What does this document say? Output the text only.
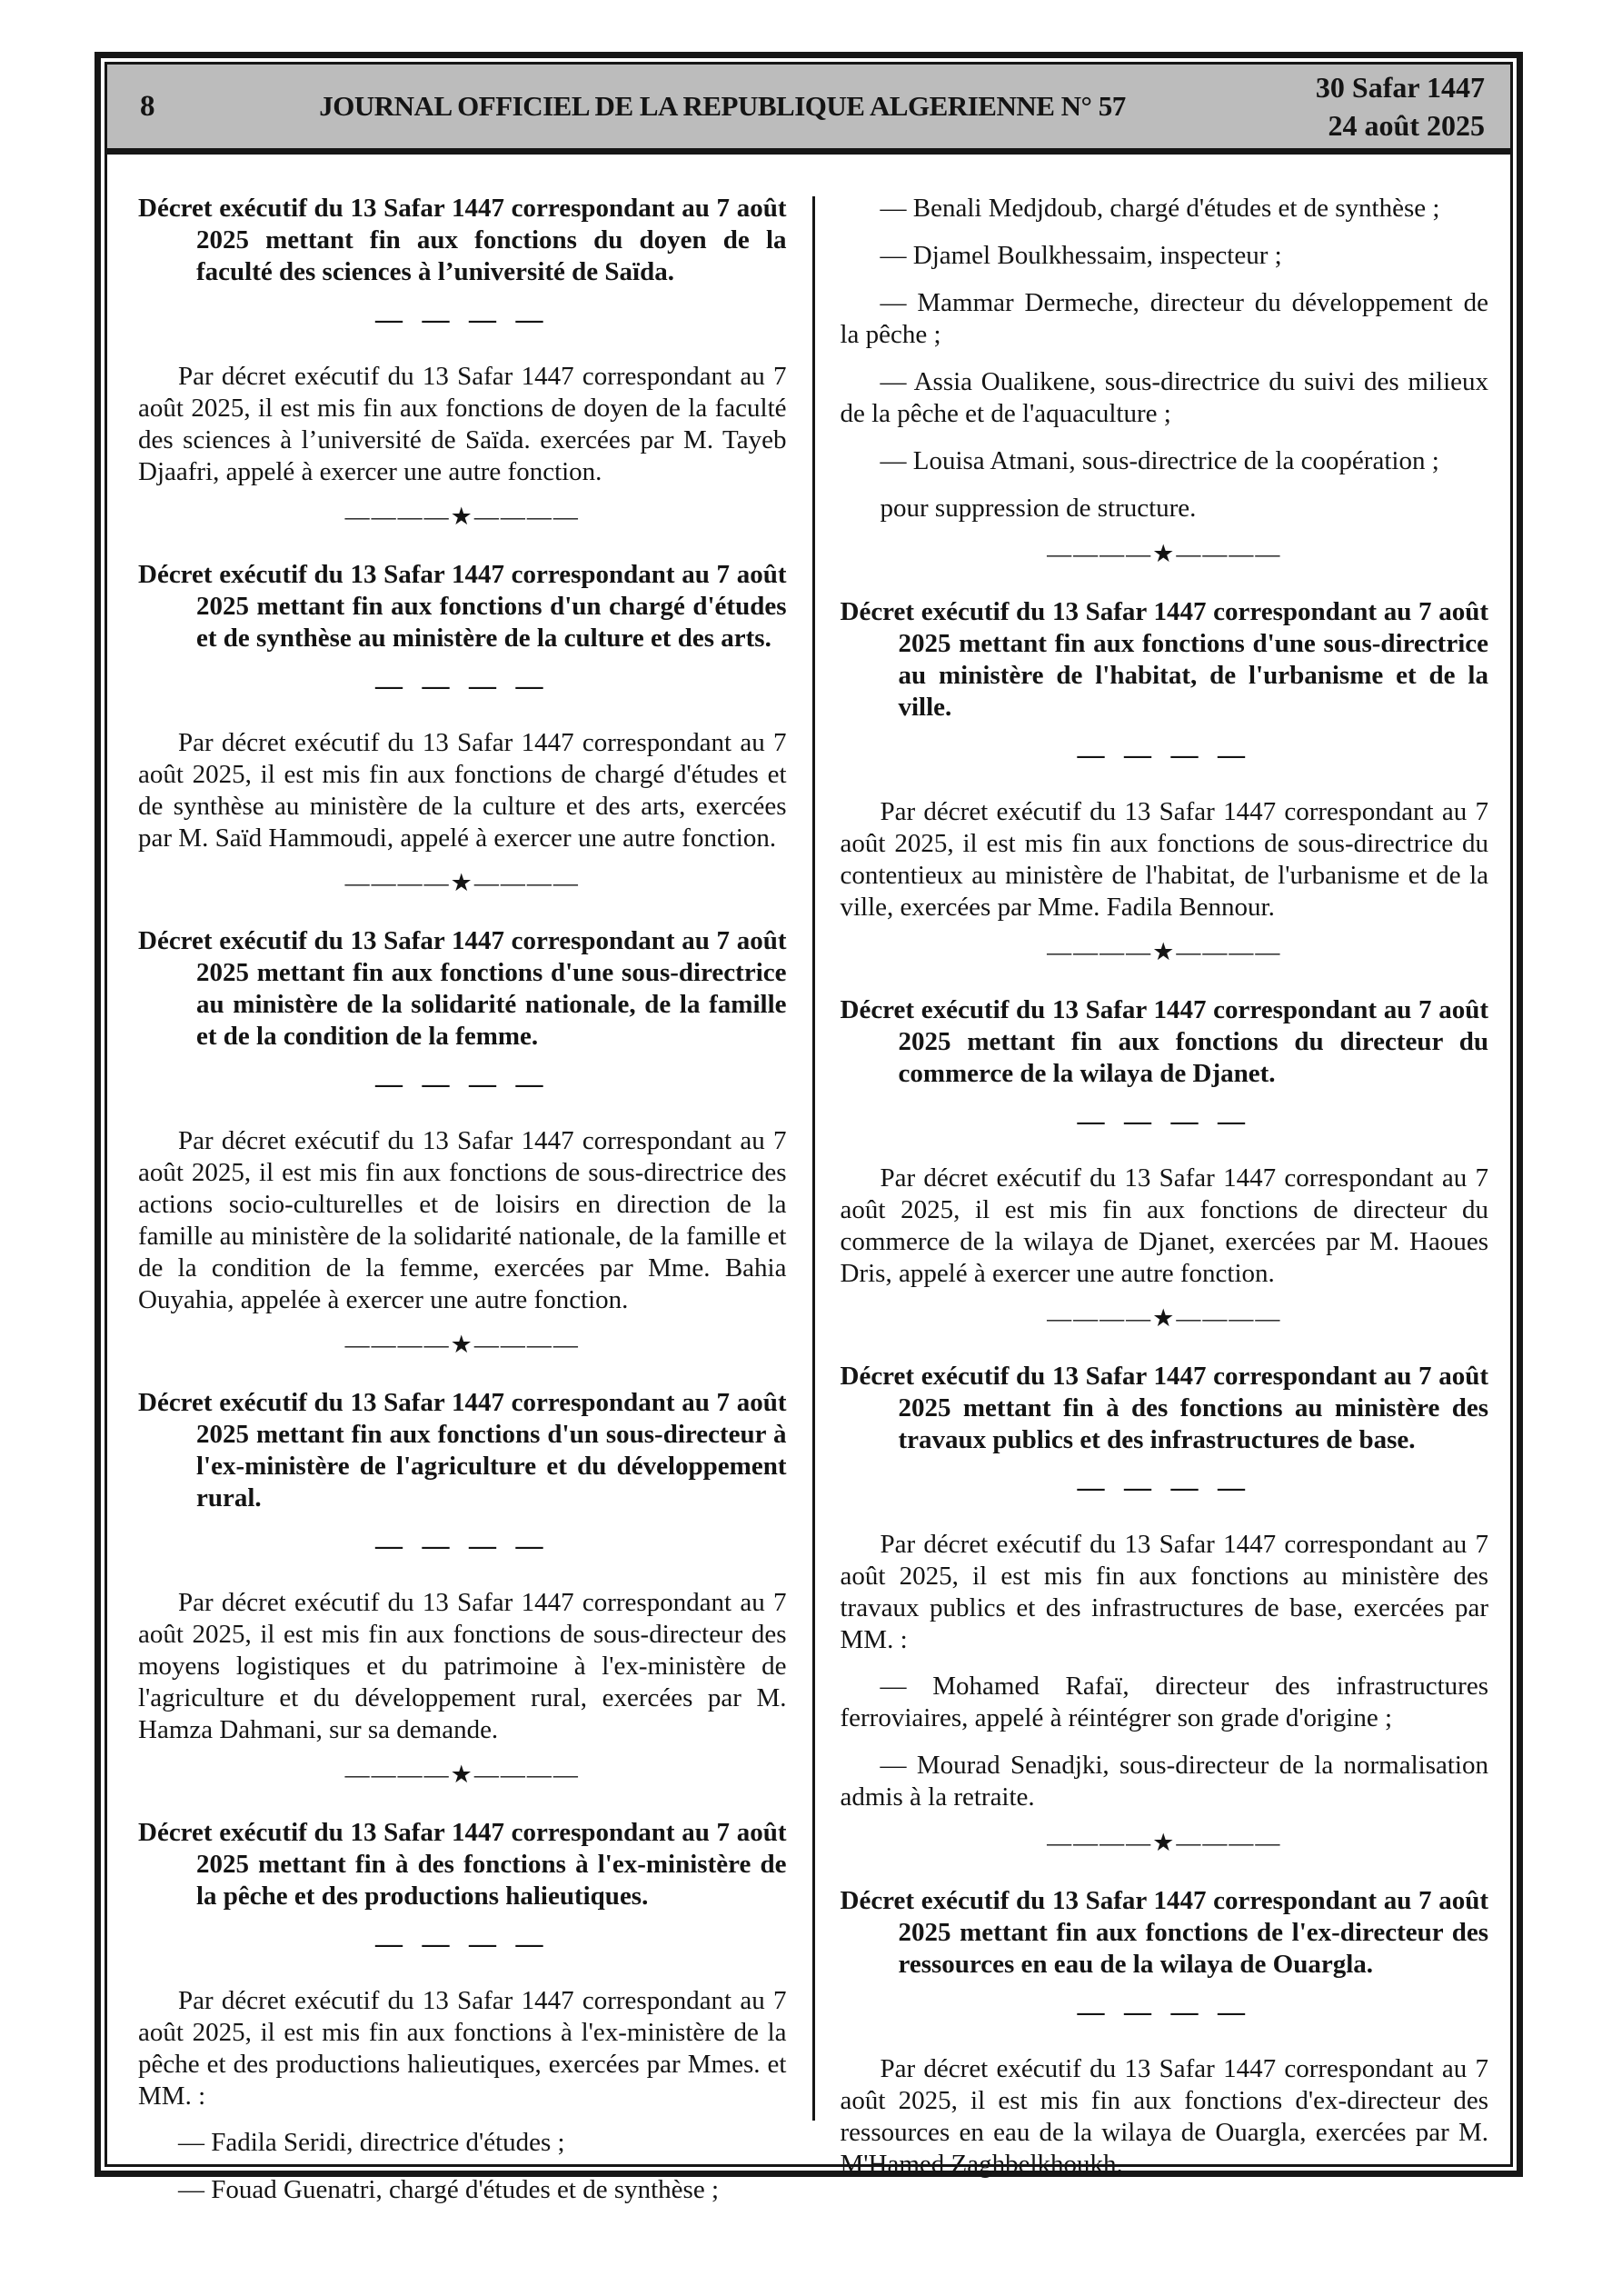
8	JOURNAL OFFICIEL DE LA REPUBLIQUE ALGERIENNE N° 57
30 Safar 1447
24 août 2025
Décret exécutif du 13 Safar 1447 correspondant au 7 août 2025 mettant fin aux fonctions du doyen de la faculté des sciences à l’université de Saïda.
— — — —

Par décret exécutif du 13 Safar 1447 correspondant au 7 août 2025, il est mis fin aux fonctions de doyen de la faculté des sciences à l’université de Saïda. exercées par M. Tayeb Djaafri, appelé à exercer une autre fonction.

————★————
Décret exécutif du 13 Safar 1447 correspondant au 7 août 2025 mettant fin aux fonctions d'un chargé d'études et de synthèse au ministère de la culture et des arts.
— — — —

Par décret exécutif du 13 Safar 1447 correspondant au 7 août 2025, il est mis fin aux fonctions de chargé d'études et de synthèse au ministère de la culture et des arts, exercées par M. Saïd Hammoudi, appelé à exercer une autre fonction.

————★————
Décret exécutif du 13 Safar 1447 correspondant au 7 août 2025 mettant fin aux fonctions d'une sous-directrice au ministère de la solidarité nationale, de la famille et de la condition de la femme.
— — — —

Par décret exécutif du 13 Safar 1447 correspondant au 7 août 2025, il est mis fin aux fonctions de sous-directrice des actions socio-culturelles et de loisirs en direction de la famille au ministère de la solidarité nationale, de la famille et de la condition de la femme, exercées par Mme. Bahia Ouyahia, appelée à exercer une autre fonction.

————★————
Décret exécutif du 13 Safar 1447 correspondant au 7 août 2025 mettant fin aux fonctions d'un sous-directeur à l'ex-ministère de l'agriculture et du développement rural.
— — — —

Par décret exécutif du 13 Safar 1447 correspondant au 7 août 2025, il est mis fin aux fonctions de sous-directeur des moyens logistiques et du patrimoine à l'ex-ministère de l'agriculture et du développement rural, exercées par M. Hamza Dahmani, sur sa demande.

————★————
Décret exécutif du 13 Safar 1447 correspondant au 7 août 2025 mettant fin à des fonctions à l'ex-ministère de la pêche et des productions halieutiques.
— — — —

Par décret exécutif du 13 Safar 1447 correspondant au 7 août 2025, il est mis fin aux fonctions à l'ex-ministère de la pêche et des productions halieutiques, exercées par Mmes. et MM. :

— Fadila Seridi, directrice d'études ;

— Fouad Guenatri, chargé d'études et de synthèse ;

— Benali Medjdoub, chargé d'études et de synthèse ;

— Djamel Boulkhessaim, inspecteur ;

— Mammar Dermeche, directeur du développement de la pêche ;

— Assia Oualikene, sous-directrice du suivi des milieux de la pêche et de l'aquaculture ;

— Louisa Atmani, sous-directrice de la coopération ;

pour suppression de structure.

————★————
Décret exécutif du 13 Safar 1447 correspondant au 7 août 2025 mettant fin aux fonctions d'une sous-directrice au ministère de l'habitat, de l'urbanisme et de la ville.
— — — —

Par décret exécutif du 13 Safar 1447 correspondant au 7 août 2025, il est mis fin aux fonctions de sous-directrice du contentieux au ministère de l'habitat, de l'urbanisme et de la ville, exercées par Mme. Fadila Bennour.

————★————
Décret exécutif du 13 Safar 1447 correspondant au 7 août 2025 mettant fin aux fonctions du directeur du commerce de la wilaya de Djanet.
— — — —

Par décret exécutif du 13 Safar 1447 correspondant au 7 août 2025, il est mis fin aux fonctions de directeur du commerce de la wilaya de Djanet, exercées par M. Haoues Dris, appelé à exercer une autre fonction.

————★————
Décret exécutif du 13 Safar 1447 correspondant au 7 août 2025 mettant fin à des fonctions au ministère des travaux publics et des infrastructures de base.
— — — —

Par décret exécutif du 13 Safar 1447 correspondant au 7 août 2025, il est mis fin aux fonctions au ministère des travaux publics et des infrastructures de base, exercées par MM. :

— Mohamed Rafaï, directeur des infrastructures ferroviaires, appelé à réintégrer son grade d'origine ;

— Mourad Senadjki, sous-directeur de la normalisation admis à la retraite.

————★————
Décret exécutif du 13 Safar 1447 correspondant au 7 août 2025 mettant fin aux fonctions de l'ex-directeur des ressources en eau de la wilaya de Ouargla.
— — — —

Par décret exécutif du 13 Safar 1447 correspondant au 7 août 2025, il est mis fin aux fonctions d'ex-directeur des ressources en eau de la wilaya de Ouargla, exercées par M. M'Hamed Zaghbelkhoukh.
